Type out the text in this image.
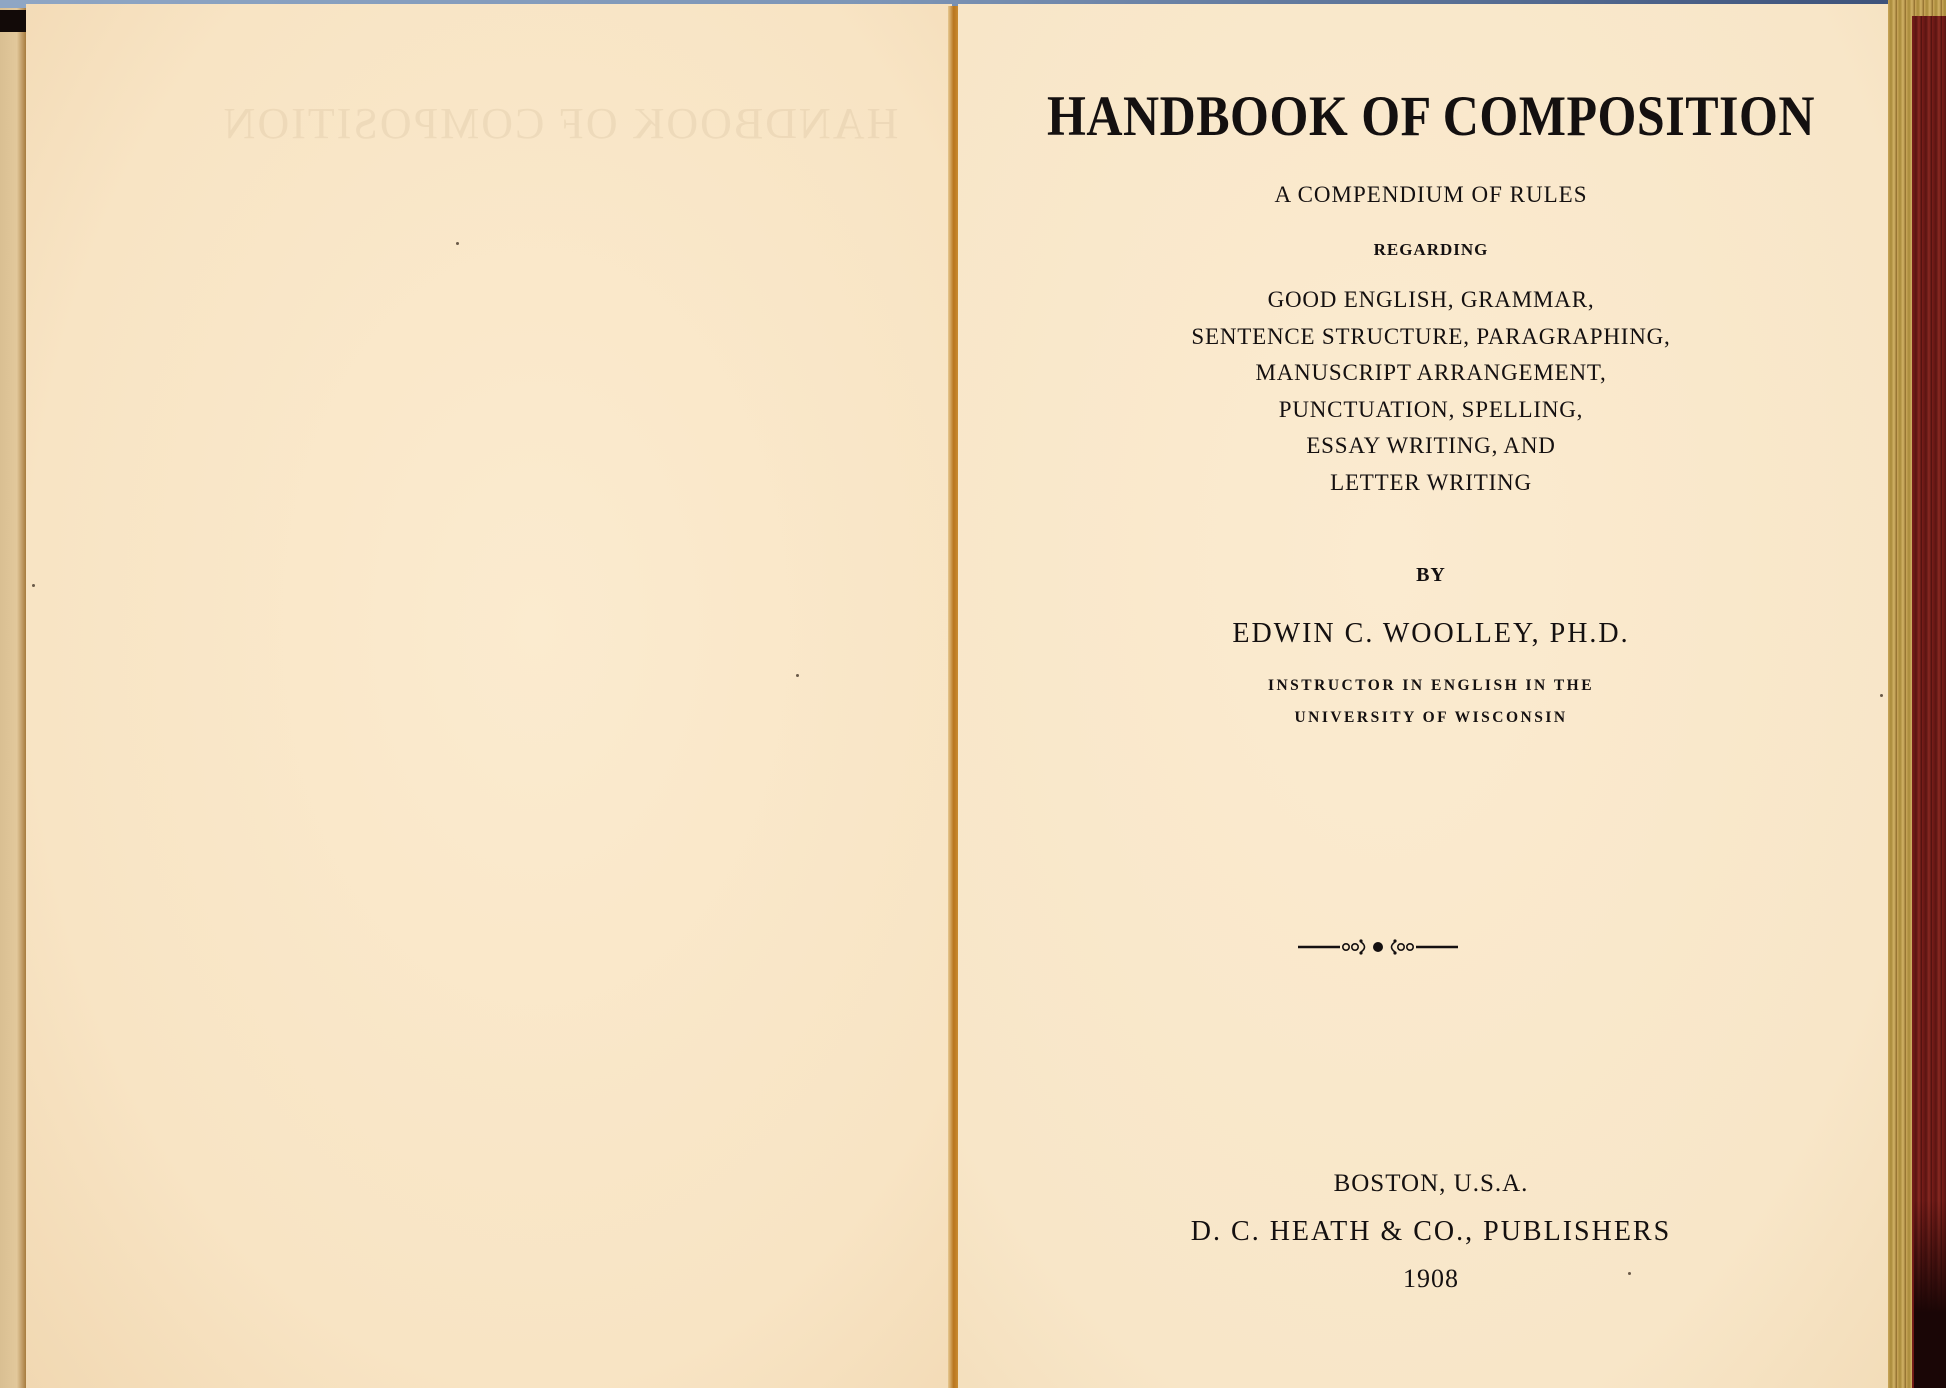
HANDBOOK OF COMPOSITION	HANDBOOK OF COMPOSITION
A COMPENDIUM OF RULES
REGARDING
GOOD ENGLISH, GRAMMAR,
SENTENCE STRUCTURE, PARAGRAPHING,
MANUSCRIPT ARRANGEMENT,
PUNCTUATION, SPELLING,
ESSAY WRITING, AND
LETTER WRITING
BY
EDWIN C. WOOLLEY, PH.D.
INSTRUCTOR IN ENGLISH IN THE
UNIVERSITY OF WISCONSIN
BOSTON, U.S.A.
D. C. HEATH & CO., PUBLISHERS
1908
